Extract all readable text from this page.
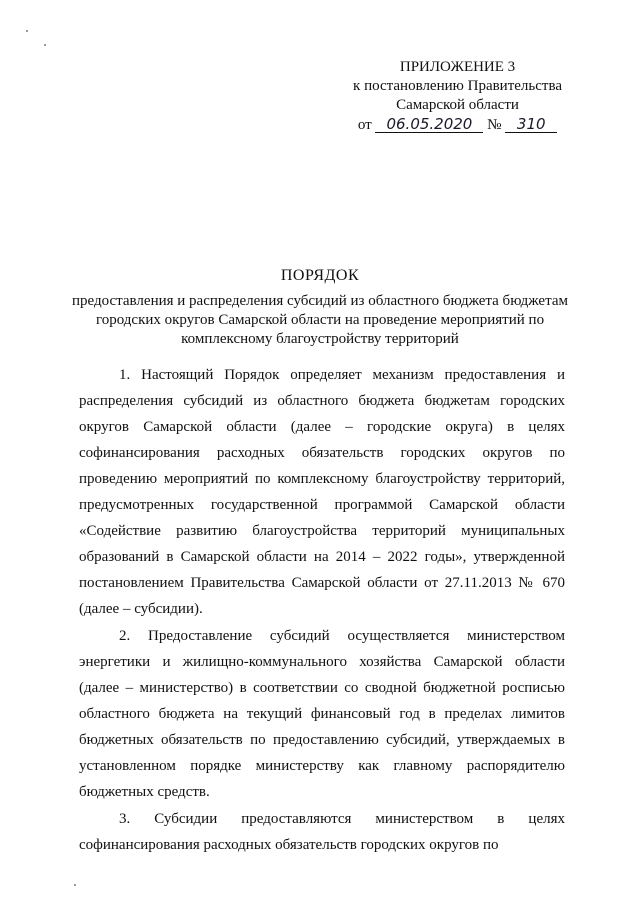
ПРИЛОЖЕНИЕ 3
к постановлению Правительства
Самарской области
от 06.05.2020 № 310
ПОРЯДОК
предоставления и распределения субсидий из областного бюджета бюджетам городских округов Самарской области на проведение мероприятий по комплексному благоустройству территорий

1. Настоящий Порядок определяет механизм предоставления и распределения субсидий из областного бюджета бюджетам городских округов Самарской области (далее – городские округа) в целях софинансирования расходных обязательств городских округов по проведению мероприятий по комплексному благоустройству территорий, предусмотренных государственной программой Самарской области «Содействие развитию благоустройства территорий муниципальных образований в Самарской области на 2014 – 2022 годы», утвержденной постановлением Правительства Самарской области от 27.11.2013 № 670 (далее – субсидии).

2. Предоставление субсидий осуществляется министерством энергетики и жилищно-коммунального хозяйства Самарской области (далее – министерство) в соответствии со сводной бюджетной росписью областного бюджета на текущий финансовый год в пределах лимитов бюджетных обязательств по предоставлению субсидий, утверждаемых в установленном порядке министерству как главному распорядителю бюджетных средств.

3. Субсидии предоставляются министерством в целях софинансирования расходных обязательств городских округов по
